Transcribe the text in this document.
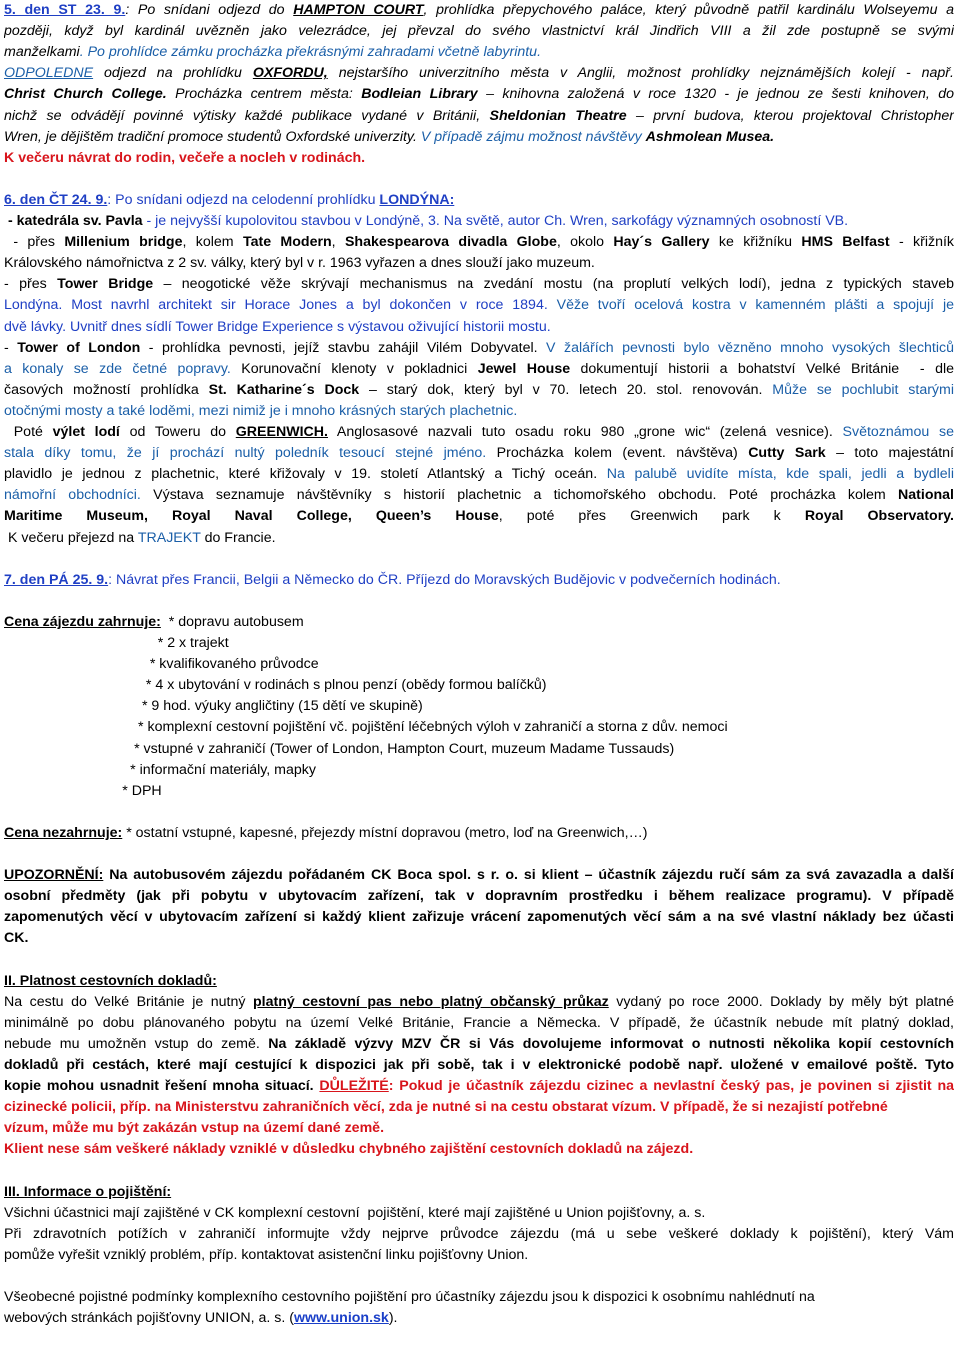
5. den ST 23. 9.: Po snídani odjezd do HAMPTON COURT, prohlídka přepychového paláce, který původně patřil kardinálu Wolseyemu a
později, když byl kardinál uvězněn jako velezrádce, jej převzal do svého vlastnictví král Jindřich VIII a žil zde postupně se svými
manželkami. Po prohlídce zámku procházka překrásnými zahradami včetně labyrintu.
ODPOLEDNE odjezd na prohlídku OXFORDU, nejstaršího univerzitního města v Anglii, možnost prohlídky nejznámějších kolejí - např.
Christ Church College. Procházka centrem města: Bodleian Library – knihovna založená v roce 1320 - je jednou ze šesti knihoven, do
nichž se odvádějí povinné výtisky každé publikace vydané v Británii, Sheldonian Theatre – první budova, kterou projektoval Christopher
Wren, je dějištěm tradiční promoce studentů Oxfordské univerzity. V případě zájmu možnost návštěvy Ashmolean Musea.
K večeru návrat do rodin, večeře a nocleh v rodinách.
6. den ČT 24. 9.: Po snídani odjezd na celodenní prohlídku LONDÝNA:
- katedrála sv. Pavla - je nejvyšší kupolovitou stavbou v Londýně, 3. Na světě, autor Ch. Wren, sarkofágy významných osobností VB.
- přes Millenium bridge, kolem Tate Modern, Shakespearova divadla Globe, okolo Hay´s Gallery ke křižníku HMS Belfast - křižník
Královského námořnictva z 2 sv. války, který byl v r. 1963 vyřazen a dnes slouží jako muzeum.
- přes Tower Bridge – neogotické věže skrývají mechanismus na zvedání mostu (na proplutí velkých lodí), jedna z typických staveb
Londýna. Most navrhl architekt sir Horace Jones a byl dokončen v roce 1894. Věže tvoří ocelová kostra v kamenném plášti a spojují je
dvě lávky. Uvnitř dnes sídlí Tower Bridge Experience s výstavou oživující historii mostu.
- Tower of London - prohlídka pevnosti, jejíž stavbu zahájil Vilém Dobyvatel. V žalářích pevnosti bylo vězněno mnoho vysokých šlechticů
a konaly se zde četné popravy. Korunovační klenoty v pokladnici Jewel House dokumentují historii a bohatství Velké Británie  - dle
časových možností prohlídka St. Katharine´s Dock – starý dok, který byl v 70. letech 20. stol. renovován. Může se pochlubit starými
otočnými mosty a také loděmi, mezi nimiž je i mnoho krásných starých plachetnic.
Poté výlet lodí od Toweru do GREENWICH. Anglosasové nazvali tuto osadu roku 980 „grone wic“ (zelená vesnice). Světoznámou se
stala díky tomu, že jí prochází nultý poledník tesoucí stejné jméno. Procházka kolem (event. návštěva) Cutty Sark – toto majestátní
plavidlo je jednou z plachetnic, které křižovaly v 19. století Atlantský a Tichý oceán. Na palubě uvidíte místa, kde spali, jedli a bydleli
námořní obchodníci. Výstava seznamuje návštěvníky s historií plachetnic a tichomořského obchodu. Poté procházka kolem National
Maritime Museum, Royal Naval College, Queen’s House, poté přes Greenwich park k Royal Observatory.
K večeru přejezd na TRAJEKT do Francie.
7. den PÁ 25. 9.: Návrat přes Francii, Belgii a Německo do ČR. Příjezd do Moravských Budějovic v podvečerních hodinách.
Cena zájezdu zahrnuje:  * dopravu autobusem
* 2 x trajekt
* kvalifikovaného průvodce
* 4 x ubytování v rodinách s plnou penzí (obědy formou balíčků)
* 9 hod. výuky angličtiny (15 dětí ve skupině)
* komplexní cestovní pojištění vč. pojištění léčebných výloh v zahraničí a storna z dův. nemoci
* vstupné v zahraničí (Tower of London, Hampton Court, muzeum Madame Tussauds)
* informační materiály, mapky
* DPH
Cena nezahrnuje: * ostatní vstupné, kapesné, přejezdy místní dopravou (metro, loď na Greenwich,…)
UPOZORNĚNÍ: Na autobusovém zájezdu pořádaném CK Boca spol. s r. o. si klient – účastník zájezdu ručí sám za svá zavazadla a další
osobní předměty (jak při pobytu v ubytovacím zařízení, tak v dopravním prostředku i během realizace programu). V případě
zapomenutých věcí v ubytovacím zařízení si každý klient zařizuje vrácení zapomenutých věcí sám a na své vlastní náklady bez účasti
CK.
II. Platnost cestovních dokladů:
Na cestu do Velké Británie je nutný platný cestovní pas nebo platný občanský průkaz vydaný po roce 2000. Doklady by měly být platné
minimálně po dobu plánovaného pobytu na území Velké Británie, Francie a Německa. V případě, že účastník nebude mít platný doklad,
nebude mu umožněn vstup do země. Na základě výzvy MZV ČR si Vás dovolujeme informovat o nutnosti několika kopií cestovních
dokladů při cestách, které mají cestující k dispozici jak při sobě, tak i v elektronické podobě např. uložené v emailové poště. Tyto
kopie mohou usnadnit řešení mnoha situací. DŮLEŽITÉ: Pokud je účastník zájezdu cizinec a nevlastní český pas, je povinen si zjistit na
cizinecké policii, příp. na Ministerstvu zahraničních věcí, zda je nutné si na cestu obstarat vízum. V případě, že si nezajistí potřebné
vízum, může mu být zakázán vstup na území dané země.
Klient nese sám veškeré náklady vzniklé v důsledku chybného zajištění cestovních dokladů na zájezd.
III. Informace o pojištění:
Všichni účastnici mají zajištěné v CK komplexní cestovní  pojištění, které mají zajištěné u Union pojišťovny, a. s.
Při zdravotních potížích v zahraničí informujte vždy nejprve průvodce zájezdu (má u sebe veškeré doklady k pojištění), který Vám
pomůže vyřešit vzniklý problém, příp. kontaktovat asistenční linku pojišťovny Union.
Všeobecné pojistné podmínky komplexního cestovního pojištění pro účastníky zájezdu jsou k dispozici k osobnímu nahlédnutí na
webových stránkách pojišťovny UNION, a. s. (www.union.sk).
